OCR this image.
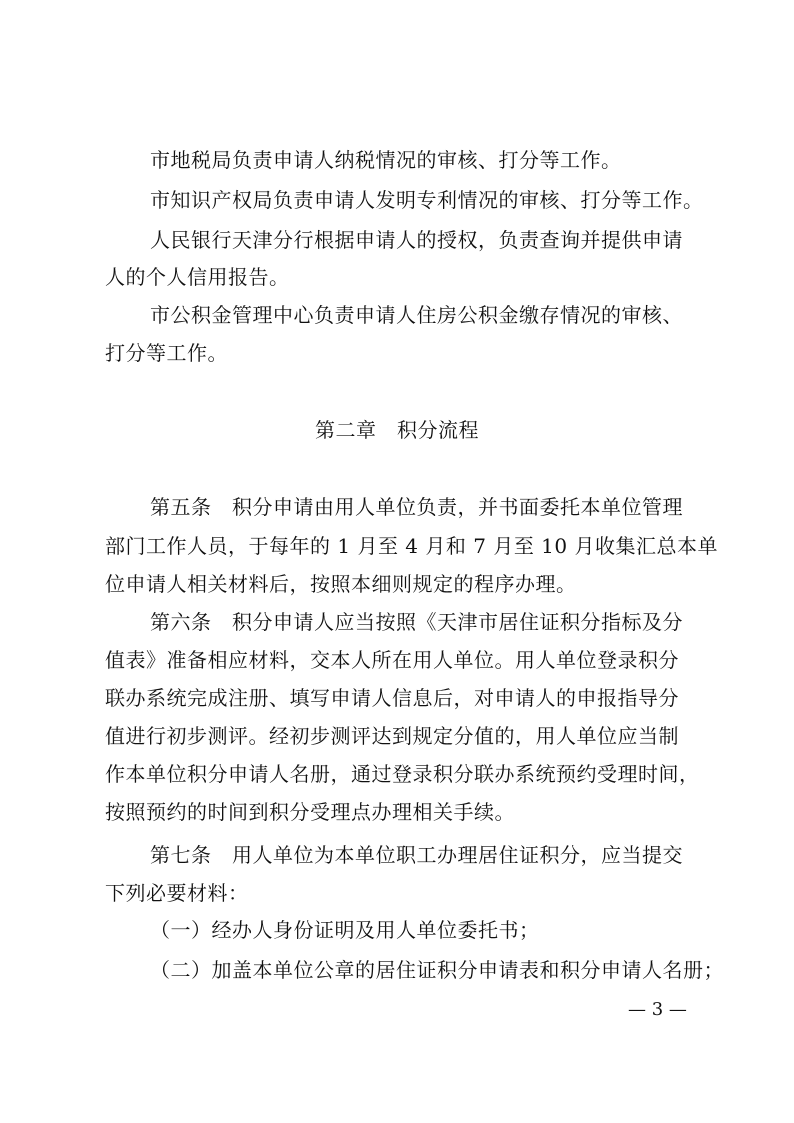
市地税局负责申请人纳税情况的审核、打分等工作。
市知识产权局负责申请人发明专利情况的审核、打分等工作。
人民银行天津分行根据申请人的授权，负责查询并提供申请
人的个人信用报告。
市公积金管理中心负责申请人住房公积金缴存情况的审核、
打分等工作。
第二章　积分流程
第五条　积分申请由用人单位负责，并书面委托本单位管理
部门工作人员，于每年的 1 月至 4 月和 7 月至 10 月收集汇总本单
位申请人相关材料后，按照本细则规定的程序办理。
第六条　积分申请人应当按照《天津市居住证积分指标及分
值表》准备相应材料，交本人所在用人单位。用人单位登录积分
联办系统完成注册、填写申请人信息后，对申请人的申报指导分
值进行初步测评。经初步测评达到规定分值的，用人单位应当制
作本单位积分申请人名册，通过登录积分联办系统预约受理时间，
按照预约的时间到积分受理点办理相关手续。
第七条　用人单位为本单位职工办理居住证积分，应当提交
下列必要材料：
（一）经办人身份证明及用人单位委托书；
（二）加盖本单位公章的居住证积分申请表和积分申请人名册；
— 3 —
